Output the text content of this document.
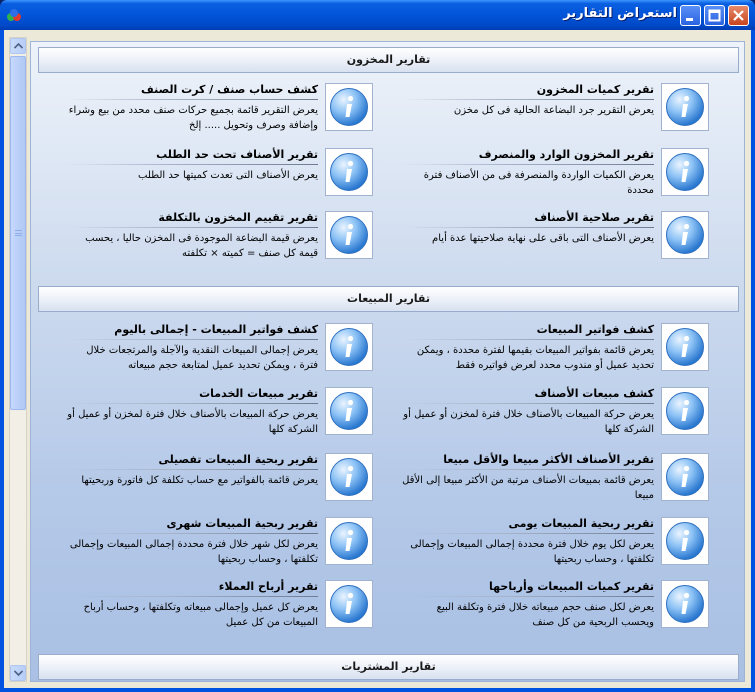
استعراض التقارير
تقارير المخزون
تقرير كميات المخزون
يعرض التقرير جرد البضاعة الحالية فى كل مخزن
كشف حساب صنف / كرت الصنف
يعرض التقرير قائمة بجميع حركات صنف محدد من بيع وشراء وإضافة وصرف وتحويل ..... إلخ
تقرير المخزون الوارد والمنصرف
يعرض الكميات الواردة والمنصرفة فى من الأصناف فترة محددة
تقرير الأصناف تحت حد الطلب
يعرض الأصناف التى تعدت كميتها حد الطلب
تقرير صلاحية الأصناف
يعرض الأصناف التى باقى على نهاية صلاحيتها عدة أيام
تقرير تقييم المخزون بالتكلفة
يعرض قيمة البضاعة الموجودة فى المخزن حاليا ، يحسب قيمة كل صنف = كميته × تكلفته
تقارير المبيعات
كشف فواتير المبيعات
يعرض قائمة بفواتير المبيعات بقيمها لفترة محددة ، ويمكن تحديد عميل أو مندوب محدد لعرض فواتيره فقط
كشف فواتير المبيعات - إجمالى باليوم
يعرض إجمالى المبيعات النقدية والآجلة والمرتجعات خلال فترة ، ويمكن تحديد عميل لمتابعة حجم مبيعاته
كشف مبيعات الأصناف
يعرض حركة المبيعات بالأصناف خلال فترة لمخزن أو عميل أو الشركة كلها
تقرير مبيعات الخدمات
يعرض حركة المبيعات بالأصناف خلال فترة لمخزن أو عميل أو الشركة كلها
تقرير الأصناف الأكثر مبيعا والأقل مبيعا
يعرض قائمة بمبيعات الأصناف مرتبة من الأكثر مبيعا إلى الأقل مبيعا
تقرير ربحية المبيعات تفصيلى
يعرض قائمة بالفواتير مع حساب تكلفة كل فاتورة وربحيتها
تقرير ربحية المبيعات يومى
يعرض لكل يوم خلال فترة محددة إجمالى المبيعات وإجمالى تكلفتها ، وحساب ربحيتها
تقرير ربحية المبيعات شهرى
يعرض لكل شهر خلال فترة محددة إجمالى المبيعات وإجمالى تكلفتها ، وحساب ربحيتها
تقرير كميات المبيعات وأرباحها
يعرض لكل صنف حجم مبيعاته خلال فترة وتكلفة البيع ويحسب الربحية من كل صنف
تقرير أرباح العملاء
يعرض كل عميل وإجمالى مبيعاته وتكلفتها ، وحساب أرباح المبيعات من كل عميل
تقارير المشتريات
